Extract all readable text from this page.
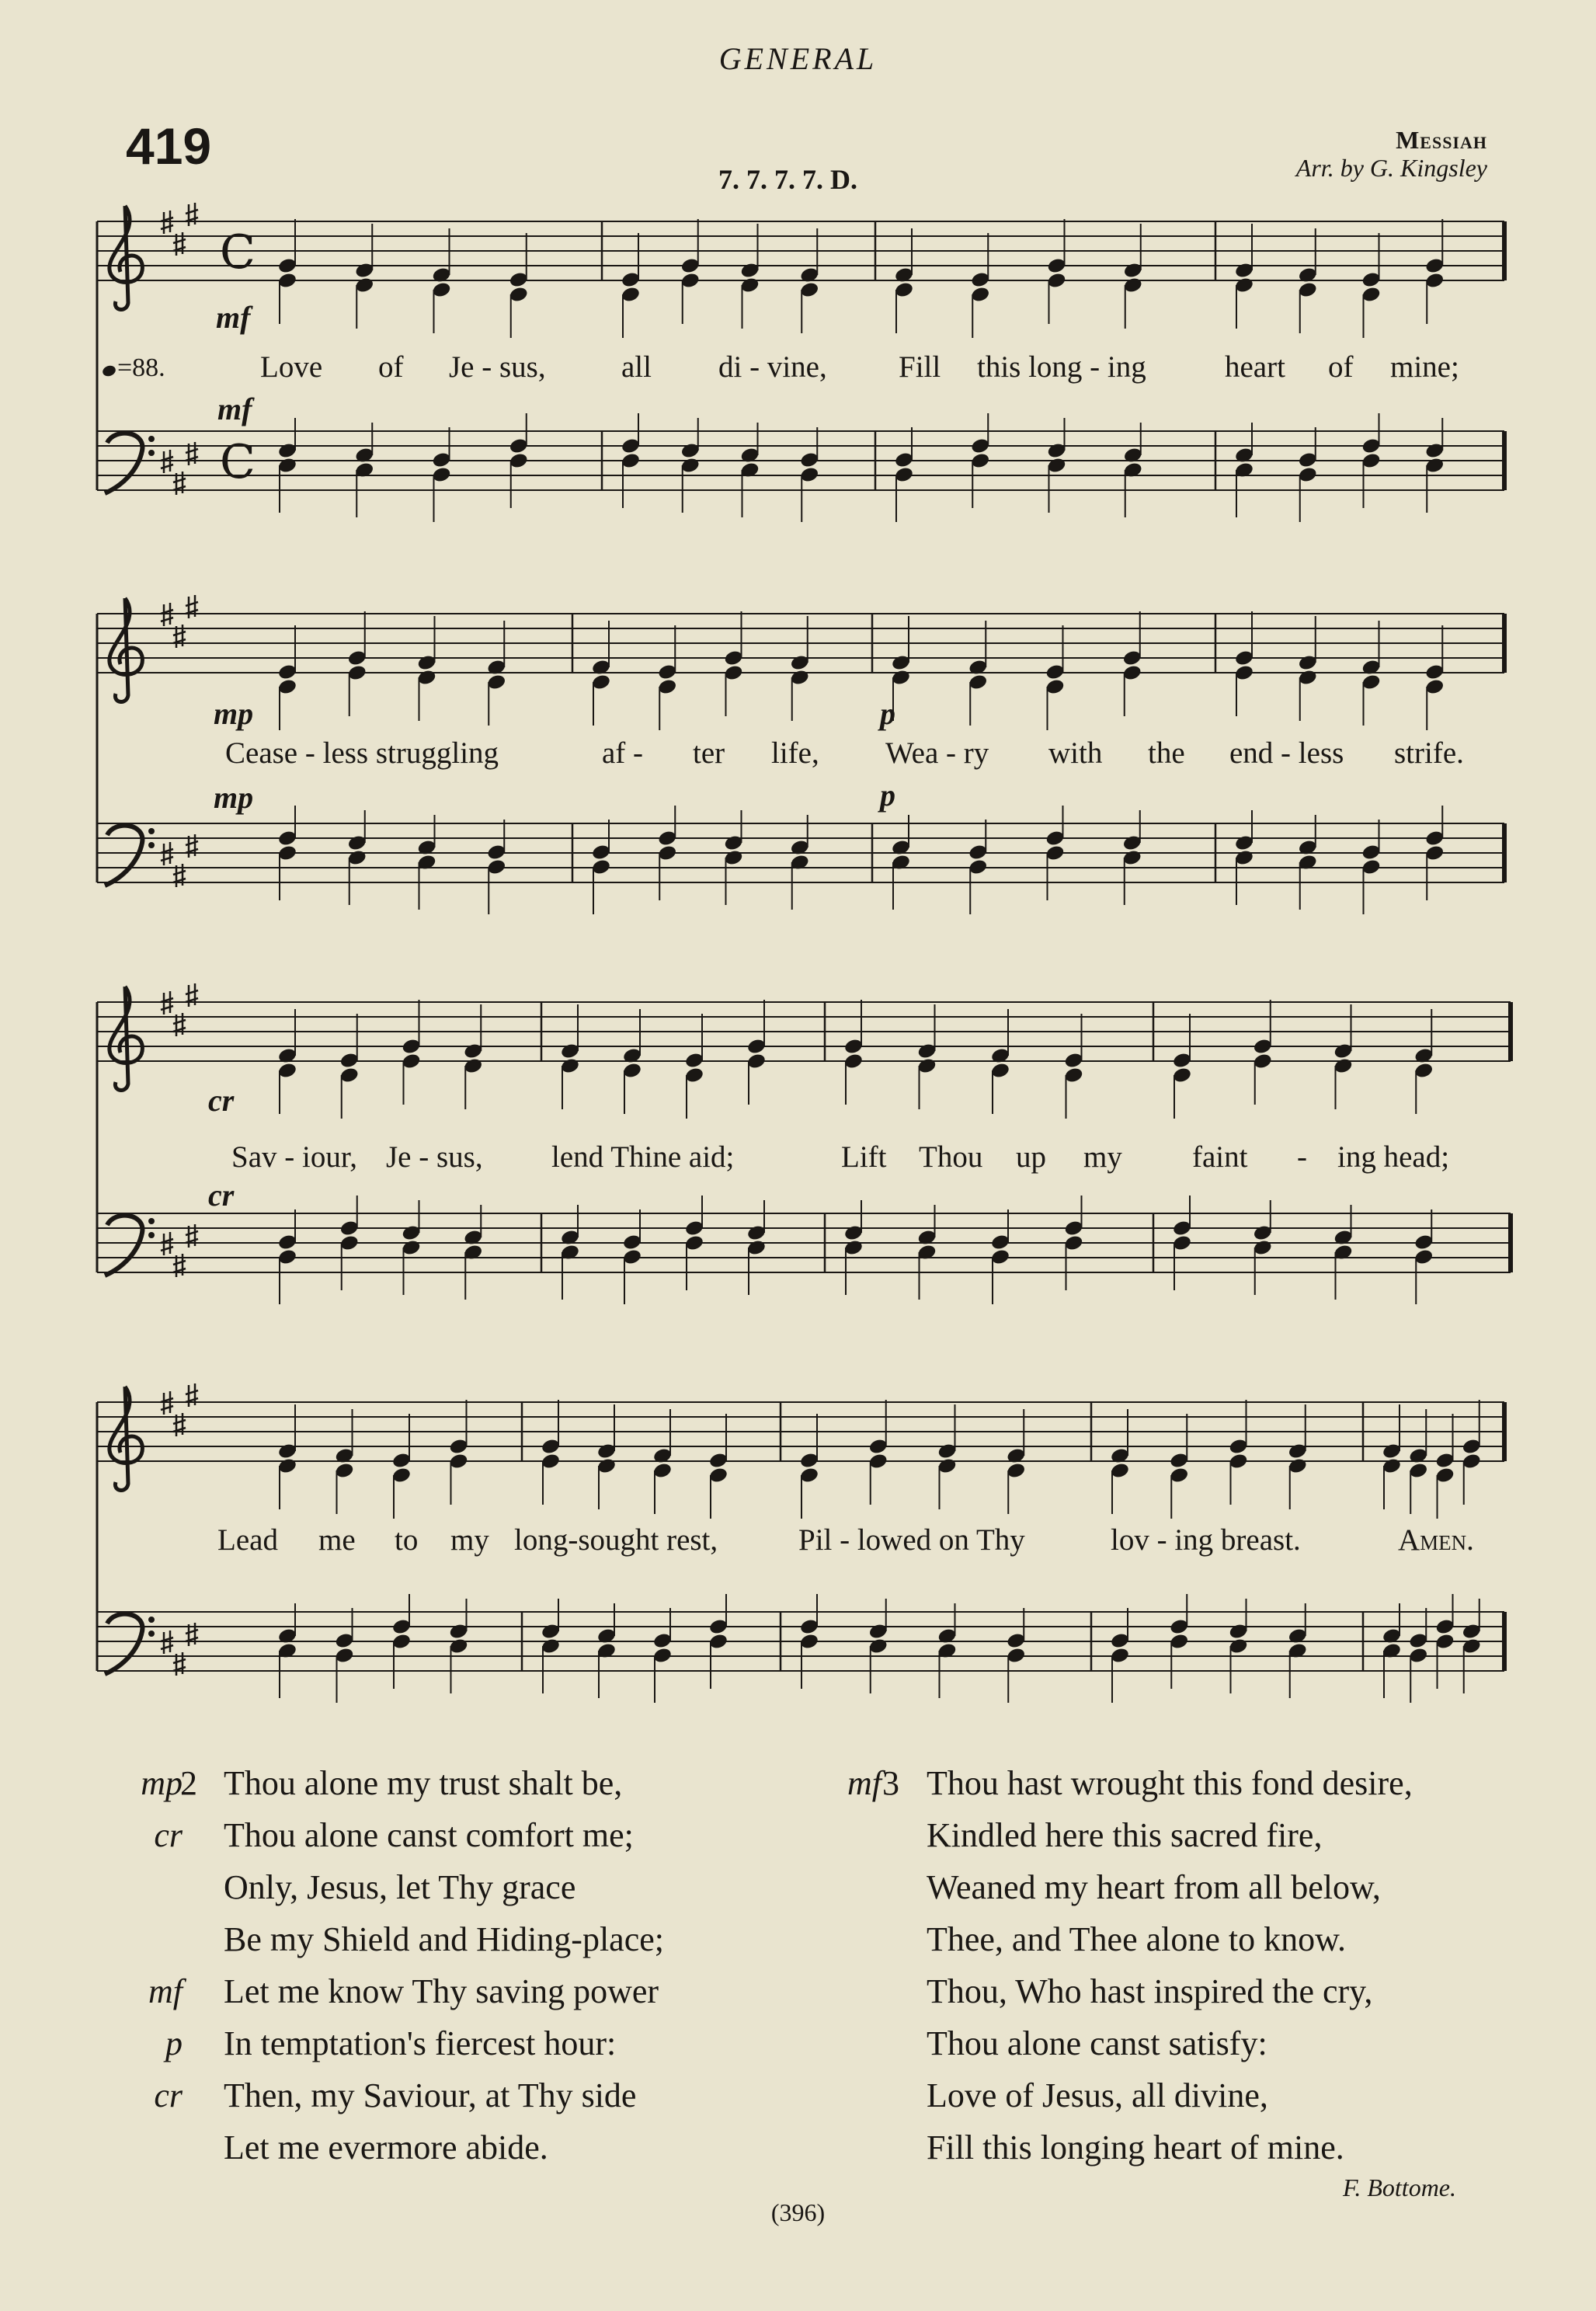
GENERAL
419
7. 7. 7. 7. D.
Messiah
Arr. by G. Kingsley
=88.
C
C
mf
mf
Love of Je - sus, all di - vine, Fill this long - ing	heart of mine;
mp
mp
p
p
Cease - less struggling	af - ter life, Wea - ry with the end - less strife.
cr
cr
Sav - iour, Je - sus, lend Thine aid;	Lift Thou up my faint - ing head;
Lead me to my long-sought rest,	Pil - lowed on Thy	lov - ing breast.	Amen.
mp
2 Thou alone my trust shalt be,
cr Thou alone canst comfort me;
Only, Jesus, let Thy grace
Be my Shield and Hiding-place;
mf Let me know Thy saving power
p In temptation's fiercest hour:
cr Then, my Saviour, at Thy side
Let me evermore abide.
mf 3 Thou hast wrought this fond desire,
Kindled here this sacred fire,
Weaned my heart from all below,
Thee, and Thee alone to know.
Thou, Who hast inspired the cry,
Thou alone canst satisfy:
Love of Jesus, all divine,
Fill this longing heart of mine.
F. Bottome.
(396)
